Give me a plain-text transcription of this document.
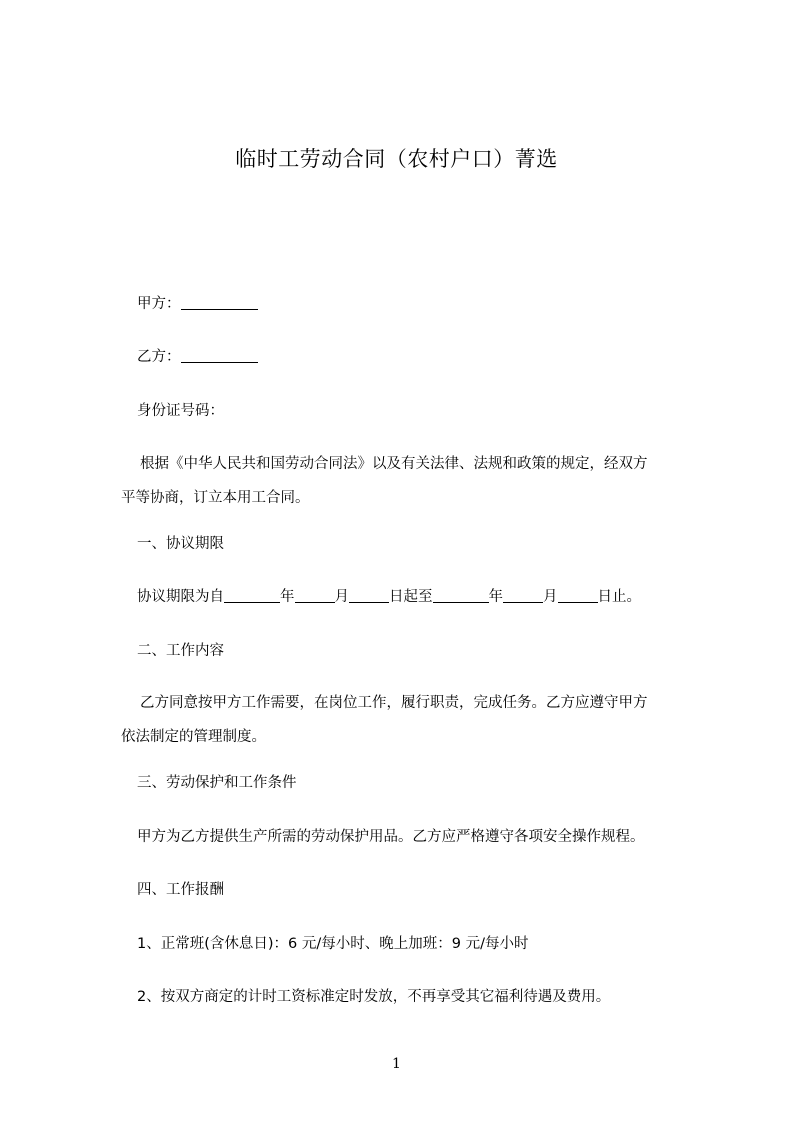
临时工劳动合同（农村户口）菁选
甲方：
乙方：
身份证号码：
根据《中华人民共和国劳动合同法》以及有关法律、法规和政策的规定，经双方
平等协商，订立本用工合同。
一、协议期限
协议期限为自	年	月	日起至	年	月	日止。
二、工作内容
乙方同意按甲方工作需要，在岗位工作，履行职责，完成任务。乙方应遵守甲方
依法制定的管理制度。
三、劳动保护和工作条件
甲方为乙方提供生产所需的劳动保护用品。乙方应严格遵守各项安全操作规程。
四、工作报酬
1、正常班(含休息日)：6 元/每小时、晚上加班：9 元/每小时
2、按双方商定的计时工资标准定时发放，不再享受其它福利待遇及费用。
1
